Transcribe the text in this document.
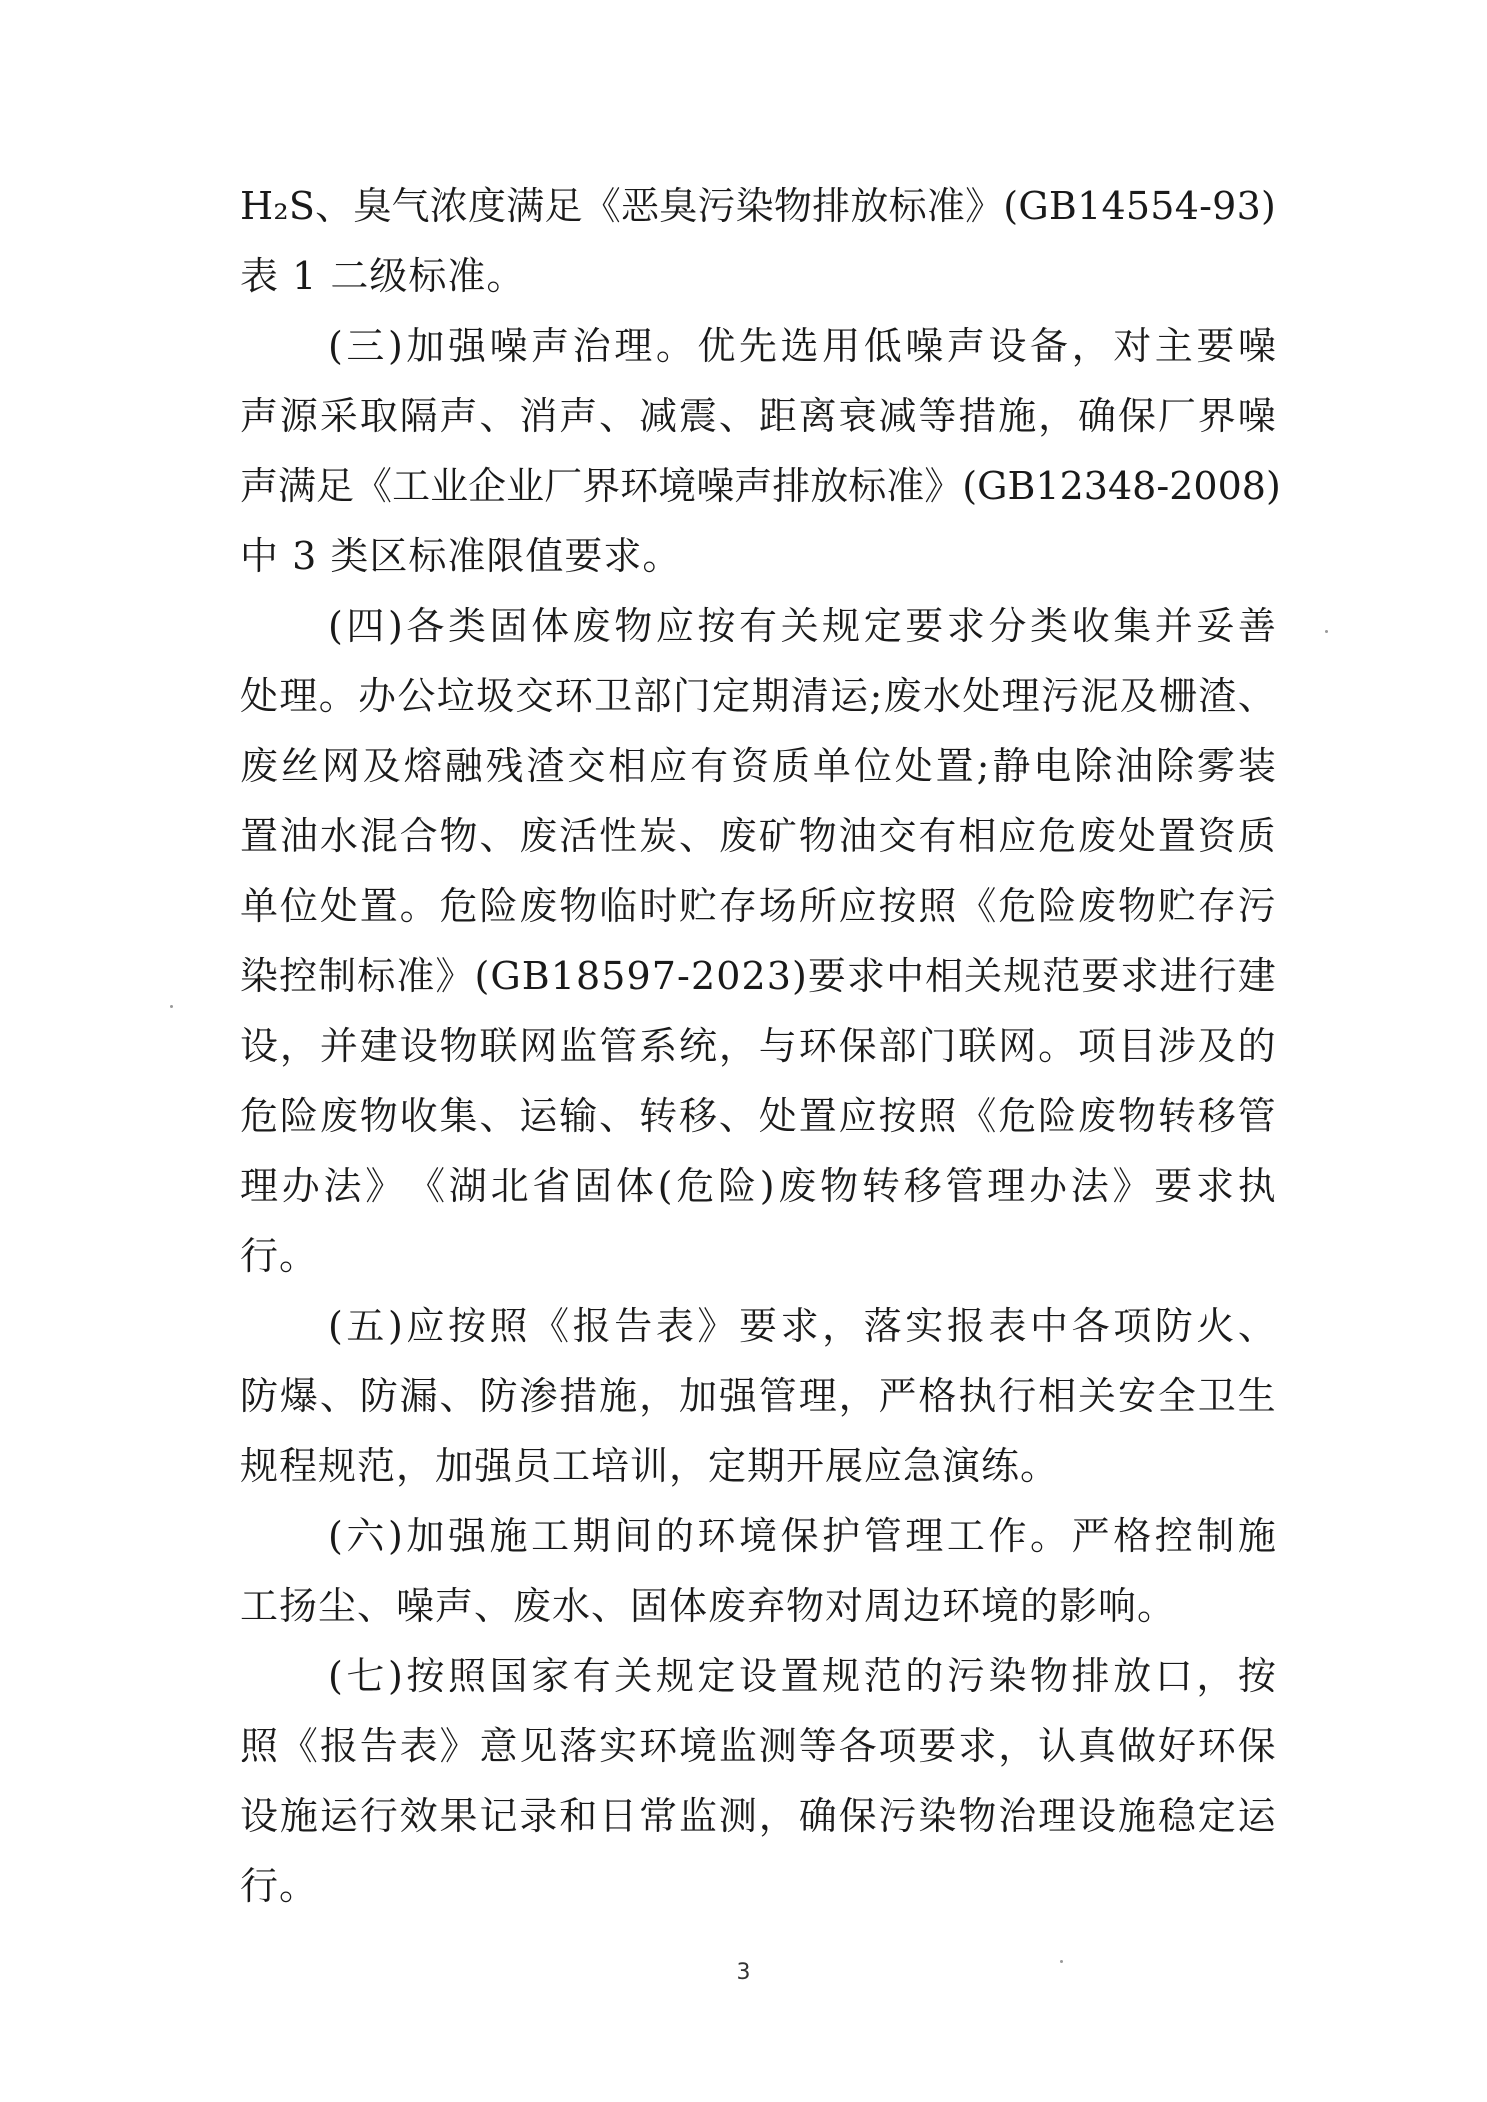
H ₂ S 、 臭 气 浓 度 满 足 《 恶 臭 污 染 物 排 放 标 准 》 ( G B 1 4 5 5 4 - 9 3 )
表 1 二级标准。
( 三 ) 加 强 噪 声 治 理 。 优 先 选 用 低 噪 声 设 备 ， 对 主 要 噪
声 源 采 取 隔 声 、 消 声 、 减 震 、 距 离 衰 减 等 措 施 ， 确 保 厂 界 噪
声 满 足 《 工 业 企 业 厂 界 环 境 噪 声 排 放 标 准 》 ( G B 1 2 3 4 8 - 2 0 0 8 )
中 3 类区标准限值要求。
( 四 ) 各 类 固 体 废 物 应 按 有 关 规 定 要 求 分 类 收 集 并 妥 善
处 理 。 办 公 垃 圾 交 环 卫 部 门 定 期 清 运 ; 废 水 处 理 污 泥 及 栅 渣 、
废 丝 网 及 熔 融 残 渣 交 相 应 有 资 质 单 位 处 置 ; 静 电 除 油 除 雾 装
置 油 水 混 合 物 、 废 活 性 炭 、 废 矿 物 油 交 有 相 应 危 废 处 置 资 质
单 位 处 置 。 危 险 废 物 临 时 贮 存 场 所 应 按 照 《 危 险 废 物 贮 存 污
染 控 制 标 准 》 ( G B 1 8 5 9 7 - 2 0 2 3 ) 要 求 中 相 关 规 范 要 求 进 行 建
设 ， 并 建 设 物 联 网 监 管 系 统 ， 与 环 保 部 门 联 网 。 项 目 涉 及 的
危 险 废 物 收 集 、 运 输 、 转 移 、 处 置 应 按 照 《 危 险 废 物 转 移 管
理 办 法 》 《 湖 北 省 固 体 ( 危 险 ) 废 物 转 移 管 理 办 法 》 要 求 执
行。
( 五 ) 应 按 照 《 报 告 表 》 要 求 ， 落 实 报 表 中 各 项 防 火 、
防 爆 、 防 漏 、 防 渗 措 施 ， 加 强 管 理 ， 严 格 执 行 相 关 安 全 卫 生
规程规范，加强员工培训，定期开展应急演练。
( 六 ) 加 强 施 工 期 间 的 环 境 保 护 管 理 工 作 。 严 格 控 制 施
工扬尘、噪声、废水、固体废弃物对周边环境的影响。
( 七 ) 按 照 国 家 有 关 规 定 设 置 规 范 的 污 染 物 排 放 口 ， 按
照 《 报 告 表 》 意 见 落 实 环 境 监 测 等 各 项 要 求 ， 认 真 做 好 环 保
设 施 运 行 效 果 记 录 和 日 常 监 测 ， 确 保 污 染 物 治 理 设 施 稳 定 运
行。
3
